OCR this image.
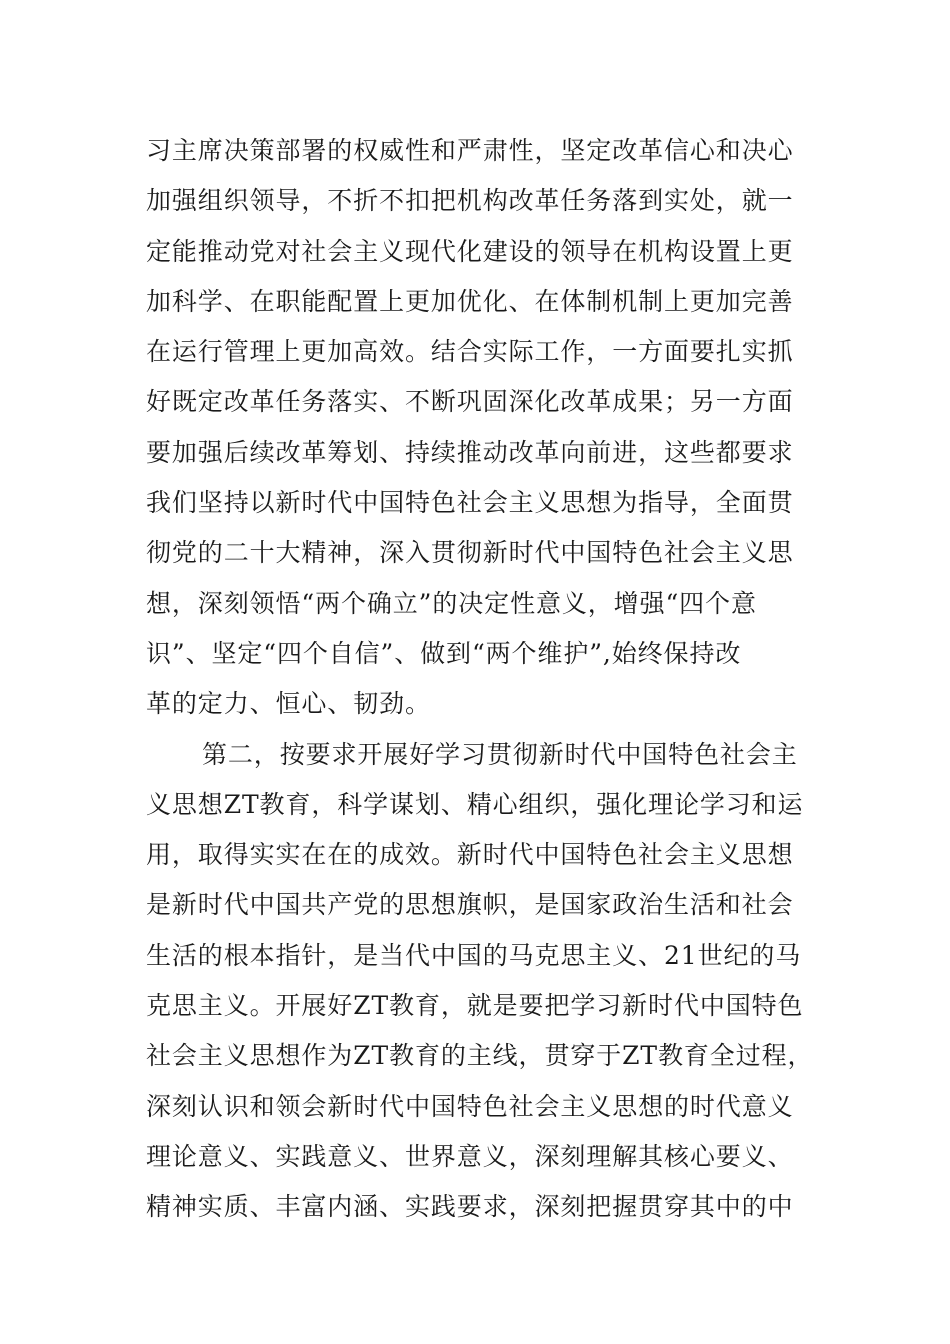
习主席决策部署的权威性和严肃性，坚定改革信心和决心
加强组织领导，不折不扣把机构改革任务落到实处，就一
定能推动党对社会主义现代化建设的领导在机构设置上更
加科学、在职能配置上更加优化、在体制机制上更加完善
在运行管理上更加高效。结合实际工作，一方面要扎实抓
好既定改革任务落实、不断巩固深化改革成果；另一方面
要加强后续改革筹划、持续推动改革向前进，这些都要求
我们坚持以新时代中国特色社会主义思想为指导，全面贯
彻党的二十大精神，深入贯彻新时代中国特色社会主义思
想，深刻领悟“两个确立”的决定性意义，增强“四个意
识”、坚定“四个自信”、做到“两个维护”,始终保持改
革的定力、恒心、韧劲。
第二，按要求开展好学习贯彻新时代中国特色社会主
义思想ZT教育，科学谋划、精心组织，强化理论学习和运
用，取得实实在在的成效。新时代中国特色社会主义思想
是新时代中国共产党的思想旗帜，是国家政治生活和社会
生活的根本指针，是当代中国的马克思主义、21世纪的马
克思主义。开展好ZT教育，就是要把学习新时代中国特色
社会主义思想作为ZT教育的主线，贯穿于ZT教育全过程，
深刻认识和领会新时代中国特色社会主义思想的时代意义
理论意义、实践意义、世界意义，深刻理解其核心要义、
精神实质、丰富内涵、实践要求，深刻把握贯穿其中的中
